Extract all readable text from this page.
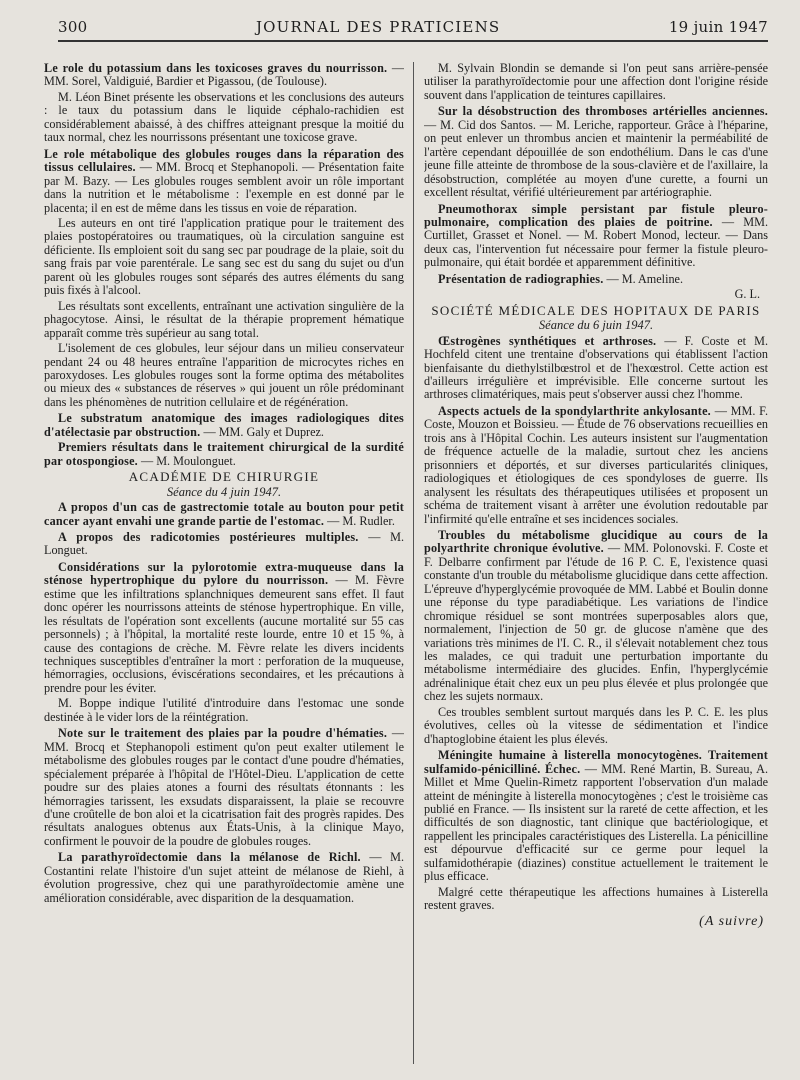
300	JOURNAL DES PRATICIENS	19 juin 1947

Le role du potassium dans les toxicoses graves du nourrisson. — MM. Sorel, Valdiguié, Bardier et Pigassou, (de Toulouse).

M. Léon Binet présente les observations et les conclusions des auteurs : le taux du potassium dans le liquide céphalo-rachidien est considérablement abaissé, à des chiffres atteignant presque la moitié du taux normal, chez les nourrissons présentant une toxicose grave.

Le role métabolique des globules rouges dans la réparation des tissus cellulaires. — MM. Brocq et Stephanopoli. — Présentation faite par M. Bazy. — Les globules rouges semblent avoir un rôle important dans la nutrition et le métabolisme : l'exemple en est donné par le placenta; il en est de même dans les tissus en voie de réparation.

Les auteurs en ont tiré l'application pratique pour le traitement des plaies postopératoires ou traumatiques, où la circulation sanguine est déficiente. Ils emploient soit du sang sec par poudrage de la plaie, soit du sang frais par voie parentérale. Le sang sec est du sang du sujet ou d'un parent où les globules rouges sont séparés des autres éléments du sang puis fixés à l'alcool.

Les résultats sont excellents, entraînant une activation singulière de la phagocytose. Ainsi, le résultat de la thérapie proprement hématique apparaît comme très supérieur au sang total.

L'isolement de ces globules, leur séjour dans un milieu conservateur pendant 24 ou 48 heures entraîne l'apparition de microcytes riches en paroxydoses. Les globules rouges sont la forme optima des métabolites ou mieux des « substances de réserves » qui jouent un rôle prédominant dans les phénomènes de nutrition cellulaire et de régénération.

Le substratum anatomique des images radiologiques dites d'atélectasie par obstruction. — MM. Galy et Duprez.

Premiers résultats dans le traitement chirurgical de la surdité par otospongiose. — M. Moulonguet.

ACADÉMIE DE CHIRURGIE

Séance du 4 juin 1947.

A propos d'un cas de gastrectomie totale au bouton pour petit cancer ayant envahi une grande partie de l'estomac. — M. Rudler.

A propos des radicotomies postérieures multiples. — M. Longuet.

Considérations sur la pylorotomie extra-muqueuse dans la sténose hypertrophique du pylore du nourrisson. — M. Fèvre estime que les infiltrations splanchniques demeurent sans effet. Il faut donc opérer les nourrissons atteints de sténose hypertrophique. En ville, les résultats de l'opération sont excellents (aucune mortalité sur 55 cas personnels) ; à l'hôpital, la mortalité reste lourde, entre 10 et 15 %, à cause des contagions de crèche. M. Fèvre relate les divers incidents techniques susceptibles d'entraîner la mort : perforation de la muqueuse, hémorragies, occlusions, éviscérations secondaires, et les précautions à prendre pour les éviter.

M. Boppe indique l'utilité d'introduire dans l'estomac une sonde destinée à le vider lors de la réintégration.

Note sur le traitement des plaies par la poudre d'hématies. — MM. Brocq et Stephanopoli estiment qu'on peut exalter utilement le métabolisme des globules rouges par le contact d'une poudre d'hématies, spécialement préparée à l'hôpital de l'Hôtel-Dieu. L'application de cette poudre sur des plaies atones a fourni des résultats étonnants : les hémorragies tarissent, les exsudats disparaissent, la plaie se recouvre d'une croûtelle de bon aloi et la cicatrisation fait des progrès rapides. Des résultats analogues obtenus aux États-Unis, à la clinique Mayo, confirment le pouvoir de la poudre de globules rouges.

La parathyroïdectomie dans la mélanose de Richl. — M. Costantini relate l'histoire d'un sujet atteint de mélanose de Riehl, à évolution progressive, chez qui une parathyroïdectomie amène une amélioration considérable, avec disparition de la desquamation.

M. Sylvain Blondin se demande si l'on peut sans arrière-pensée utiliser la parathyroïdectomie pour une affection dont l'origine réside souvent dans l'application de teintures capillaires.

Sur la désobstruction des thromboses artérielles anciennes. — M. Cid dos Santos. — M. Leriche, rapporteur. Grâce à l'héparine, on peut enlever un thrombus ancien et maintenir la perméabilité de l'artère cependant dépouillée de son endothélium. Dans le cas d'une jeune fille atteinte de thrombose de la sous-clavière et de l'axillaire, la désobstruction, complétée au moyen d'une curette, a fourni un excellent résultat, vérifié ultérieurement par artériographie.

Pneumothorax simple persistant par fistule pleuro-pulmonaire, complication des plaies de poitrine. — MM. Curtillet, Grasset et Nonel. — M. Robert Monod, lecteur. — Dans deux cas, l'intervention fut nécessaire pour fermer la fistule pleuro-pulmonaire, qui était bordée et apparemment définitive.

Présentation de radiographies. — M. Ameline.

G. L.

SOCIÉTÉ MÉDICALE DES HOPITAUX DE PARIS

Séance du 6 juin 1947.

Œstrogènes synthétiques et arthroses. — F. Coste et M. Hochfeld citent une trentaine d'observations qui établissent l'action bienfaisante du diethylstilbœstrol et de l'hexœstrol. Cette action est d'ailleurs irrégulière et imprévisible. Elle concerne surtout les arthroses climatériques, mais peut s'observer aussi chez l'homme.

Aspects actuels de la spondylarthrite ankylosante. — MM. F. Coste, Mouzon et Boissieu. — Étude de 76 observations recueillies en trois ans à l'Hôpital Cochin. Les auteurs insistent sur l'augmentation de fréquence actuelle de la maladie, surtout chez les anciens prisonniers et déportés, et sur diverses particularités cliniques, radiologiques et étiologiques de ces spondyloses de guerre. Ils analysent les résultats des thérapeutiques utilisées et proposent un schéma de traitement visant à arrêter une évolution redoutable par l'infirmité qu'elle entraîne et ses incidences sociales.

Troubles du métabolisme glucidique au cours de la polyarthrite chronique évolutive. — MM. Polonovski. F. Coste et F. Delbarre confirment par l'étude de 16 P. C. E, l'existence quasi constante d'un trouble du métabolisme glucidique dans cette affection. L'épreuve d'hyperglycémie provoquée de MM. Labbé et Boulin donne une réponse du type paradiabétique. Les variations de l'indice chromique résiduel se sont montrées superposables alors que, normalement, l'injection de 50 gr. de glucose n'amène que des variations très minimes de l'I. C. R., il s'élevait notablement chez tous les malades, ce qui traduit une perturbation importante du métabolisme intermédiaire des glucides. Enfin, l'hyperglycémie adrénalinique était chez eux un peu plus élevée et plus prolongée que chez les sujets normaux.

Ces troubles semblent surtout marqués dans les P. C. E. les plus évolutives, celles où la vitesse de sédimentation et l'indice d'haptoglobine étaient les plus élevés.

Méningite humaine à listerella monocytogènes. Traitement sulfamido-pénicilliné. Échec. — MM. René Martin, B. Sureau, A. Millet et Mme Quelin-Rimetz rapportent l'observation d'un malade atteint de méningite à listerella monocytogènes ; c'est le troisième cas publié en France. — Ils insistent sur la rareté de cette affection, et les difficultés de son diagnostic, tant clinique que bactériologique, et rappellent les principales caractéristiques des Listerella. La pénicilline est dépourvue d'efficacité sur ce germe pour lequel la sulfamidothérapie (diazines) constitue actuellement le traitement le plus efficace.

Malgré cette thérapeutique les affections humaines à Listerella restent graves.

(A suivre)
